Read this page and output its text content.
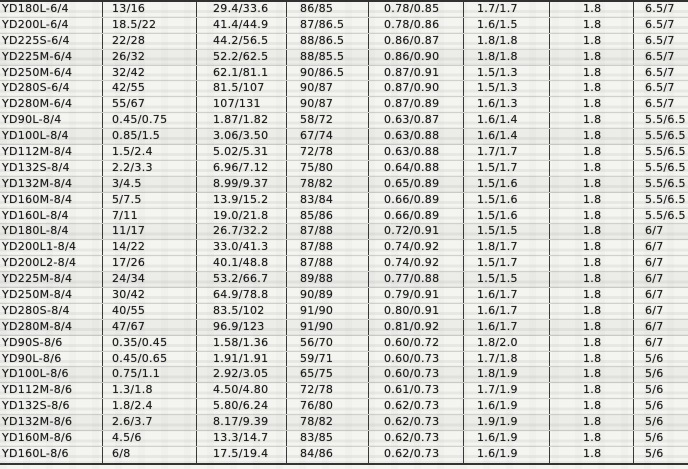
YD180L-6/4	13/16	29.4/33.6	86/85	0.78/0.85	1.7/1.7	1.8	6.5/7
YD200L-6/4	18.5/22	41.4/44.9	87/86.5	0.78/0.86	1.6/1.5	1.8	6.5/7
YD225S-6/4	22/28	44.2/56.5	88/86.5	0.86/0.87	1.8/1.8	1.8	6.5/7
YD225M-6/4	26/32	52.2/62.5	88/85.5	0.86/0.90	1.8/1.8	1.8	6.5/7
YD250M-6/4	32/42	62.1/81.1	90/86.5	0.87/0.91	1.5/1.3	1.8	6.5/7
YD280S-6/4	42/55	81.5/107	90/87	0.87/0.90	1.5/1.3	1.8	6.5/7
YD280M-6/4	55/67	107/131	90/87	0.87/0.89	1.6/1.3	1.8	6.5/7
YD90L-8/4	0.45/0.75	1.87/1.82	58/72	0.63/0.87	1.6/1.4	1.8	5.5/6.5
YD100L-8/4	0.85/1.5	3.06/3.50	67/74	0.63/0.88	1.6/1.4	1.8	5.5/6.5
YD112M-8/4	1.5/2.4	5.02/5.31	72/78	0.63/0.88	1.7/1.7	1.8	5.5/6.5
YD132S-8/4	2.2/3.3	6.96/7.12	75/80	0.64/0.88	1.5/1.7	1.8	5.5/6.5
YD132M-8/4	3/4.5	8.99/9.37	78/82	0.65/0.89	1.5/1.6	1.8	5.5/6.5
YD160M-8/4	5/7.5	13.9/15.2	83/84	0.66/0.89	1.5/1.6	1.8	5.5/6.5
YD160L-8/4	7/11	19.0/21.8	85/86	0.66/0.89	1.5/1.6	1.8	5.5/6.5
YD180L-8/4	11/17	26.7/32.2	87/88	0.72/0.91	1.5/1.5	1.8	6/7
YD200L1-8/4	14/22	33.0/41.3	87/88	0.74/0.92	1.8/1.7	1.8	6/7
YD200L2-8/4	17/26	40.1/48.8	87/88	0.74/0.92	1.5/1.7	1.8	6/7
YD225M-8/4	24/34	53.2/66.7	89/88	0.77/0.88	1.5/1.5	1.8	6/7
YD250M-8/4	30/42	64.9/78.8	90/89	0.79/0.91	1.6/1.7	1.8	6/7
YD280S-8/4	40/55	83.5/102	91/90	0.80/0.91	1.6/1.7	1.8	6/7
YD280M-8/4	47/67	96.9/123	91/90	0.81/0.92	1.6/1.7	1.8	6/7
YD90S-8/6	0.35/0.45	1.58/1.36	56/70	0.60/0.72	1.8/2.0	1.8	6/7
YD90L-8/6	0.45/0.65	1.91/1.91	59/71	0.60/0.73	1.7/1.8	1.8	5/6
YD100L-8/6	0.75/1.1	2.92/3.05	65/75	0.60/0.73	1.8/1.9	1.8	5/6
YD112M-8/6	1.3/1.8	4.50/4.80	72/78	0.61/0.73	1.7/1.9	1.8	5/6
YD132S-8/6	1.8/2.4	5.80/6.24	76/80	0.62/0.73	1.6/1.9	1.8	5/6
YD132M-8/6	2.6/3.7	8.17/9.39	78/82	0.62/0.73	1.9/1.9	1.8	5/6
YD160M-8/6	4.5/6	13.3/14.7	83/85	0.62/0.73	1.6/1.9	1.8	5/6
YD160L-8/6	6/8	17.5/19.4	84/86	0.62/0.73	1.6/1.9	1.8	5/6
